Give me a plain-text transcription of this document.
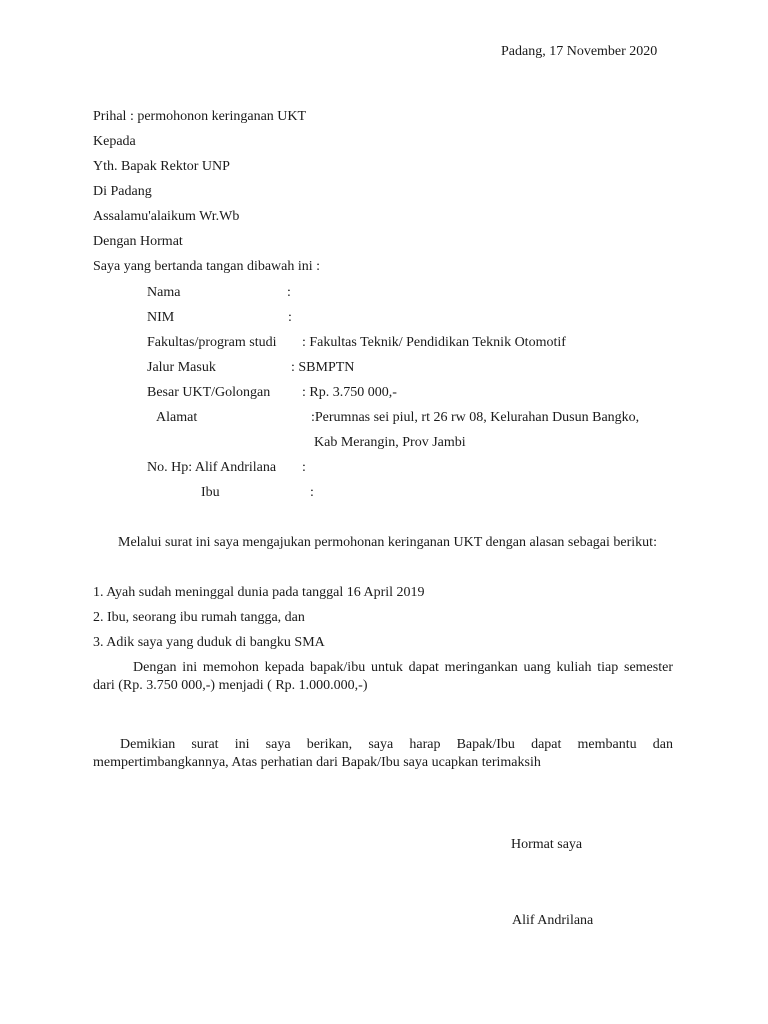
Padang, 17 November 2020
Prihal : permohonon keringanan UKT
Kepada
Yth. Bapak Rektor UNP
Di Padang
Assalamu'alaikum Wr.Wb
Dengan Hormat
Saya yang bertanda tangan dibawah ini :
Nama	:
NIM	:
Fakultas/program studi : Fakultas Teknik/ Pendidikan Teknik Otomotif
Jalur Masuk	: SBMPTN
Besar UKT/Golongan : Rp. 3.750 000,-
Alamat	:Perumnas sei piul, rt 26 rw 08, Kelurahan Dusun Bangko,
Kab Merangin, Prov Jambi
No. Hp: Alif Andrilana :
Ibu	:
Melalui surat ini saya mengajukan permohonan keringanan UKT dengan alasan sebagai berikut:
1. Ayah sudah meninggal dunia pada tanggal 16 April 2019
2. Ibu, seorang ibu rumah tangga, dan
3. Adik saya yang duduk di bangku SMA
Dengan ini memohon kepada bapak/ibu untuk dapat meringankan uang kuliah tiap semester dari (Rp. 3.750 000,-) menjadi ( Rp. 1.000.000,-)
Demikian surat ini saya berikan, saya harap Bapak/Ibu dapat membantu dan mempertimbangkannya, Atas perhatian dari Bapak/Ibu saya ucapkan terimaksih
Hormat saya
Alif Andrilana
